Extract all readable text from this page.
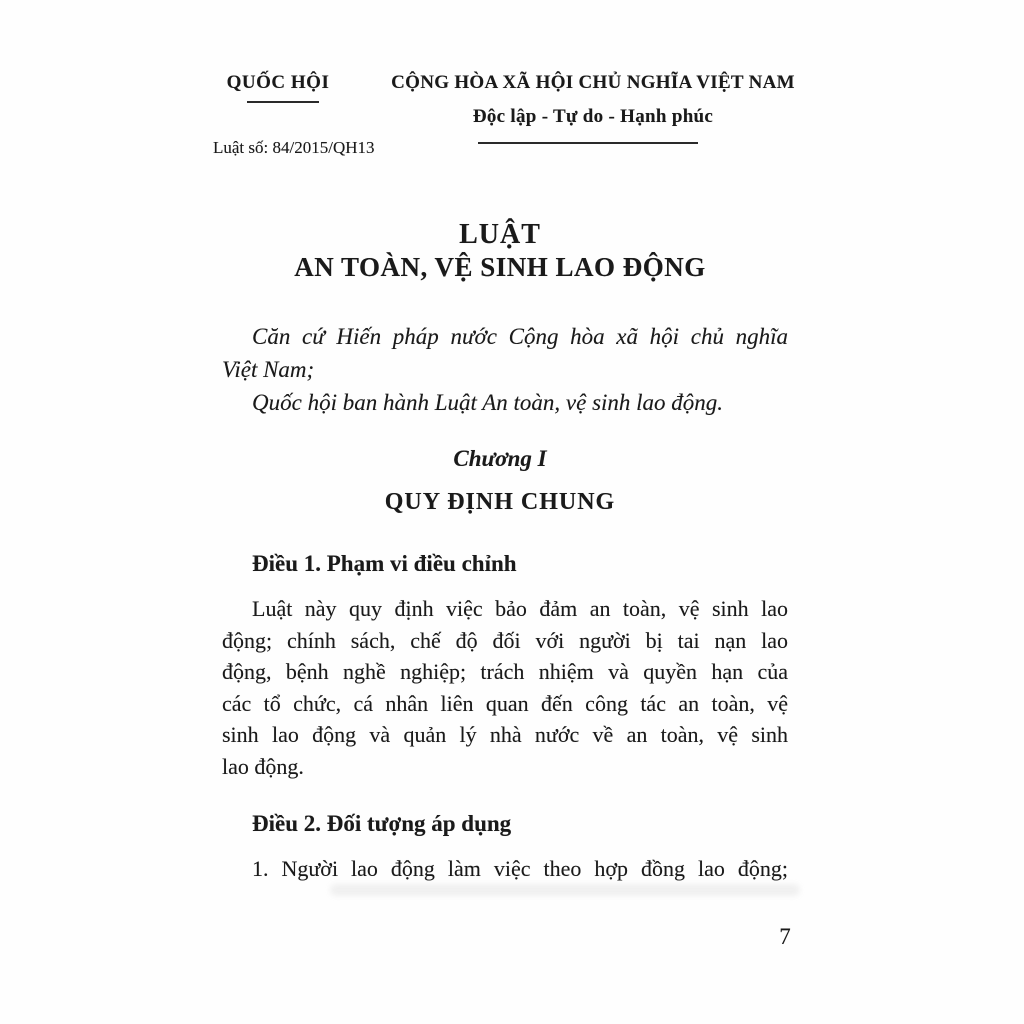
QUỐC HỘI
Luật số: 84/2015/QH13
CỘNG HÒA XÃ HỘI CHỦ NGHĨA VIỆT NAM
Độc lập - Tự do - Hạnh phúc
LUẬT
AN TOÀN, VỆ SINH LAO ĐỘNG
Căn cứ Hiến pháp nước Cộng hòa xã hội chủ nghĩa
Việt Nam;
Quốc hội ban hành Luật An toàn, vệ sinh lao động.
Chương I
QUY ĐỊNH CHUNG
Điều 1. Phạm vi điều chỉnh
Luật này quy định việc bảo đảm an toàn, vệ sinh lao
động; chính sách, chế độ đối với người bị tai nạn lao
động, bệnh nghề nghiệp; trách nhiệm và quyền hạn của
các tổ chức, cá nhân liên quan đến công tác an toàn, vệ
sinh lao động và quản lý nhà nước về an toàn, vệ sinh
lao động.
Điều 2. Đối tượng áp dụng
1. Người lao động làm việc theo hợp đồng lao động;
7
